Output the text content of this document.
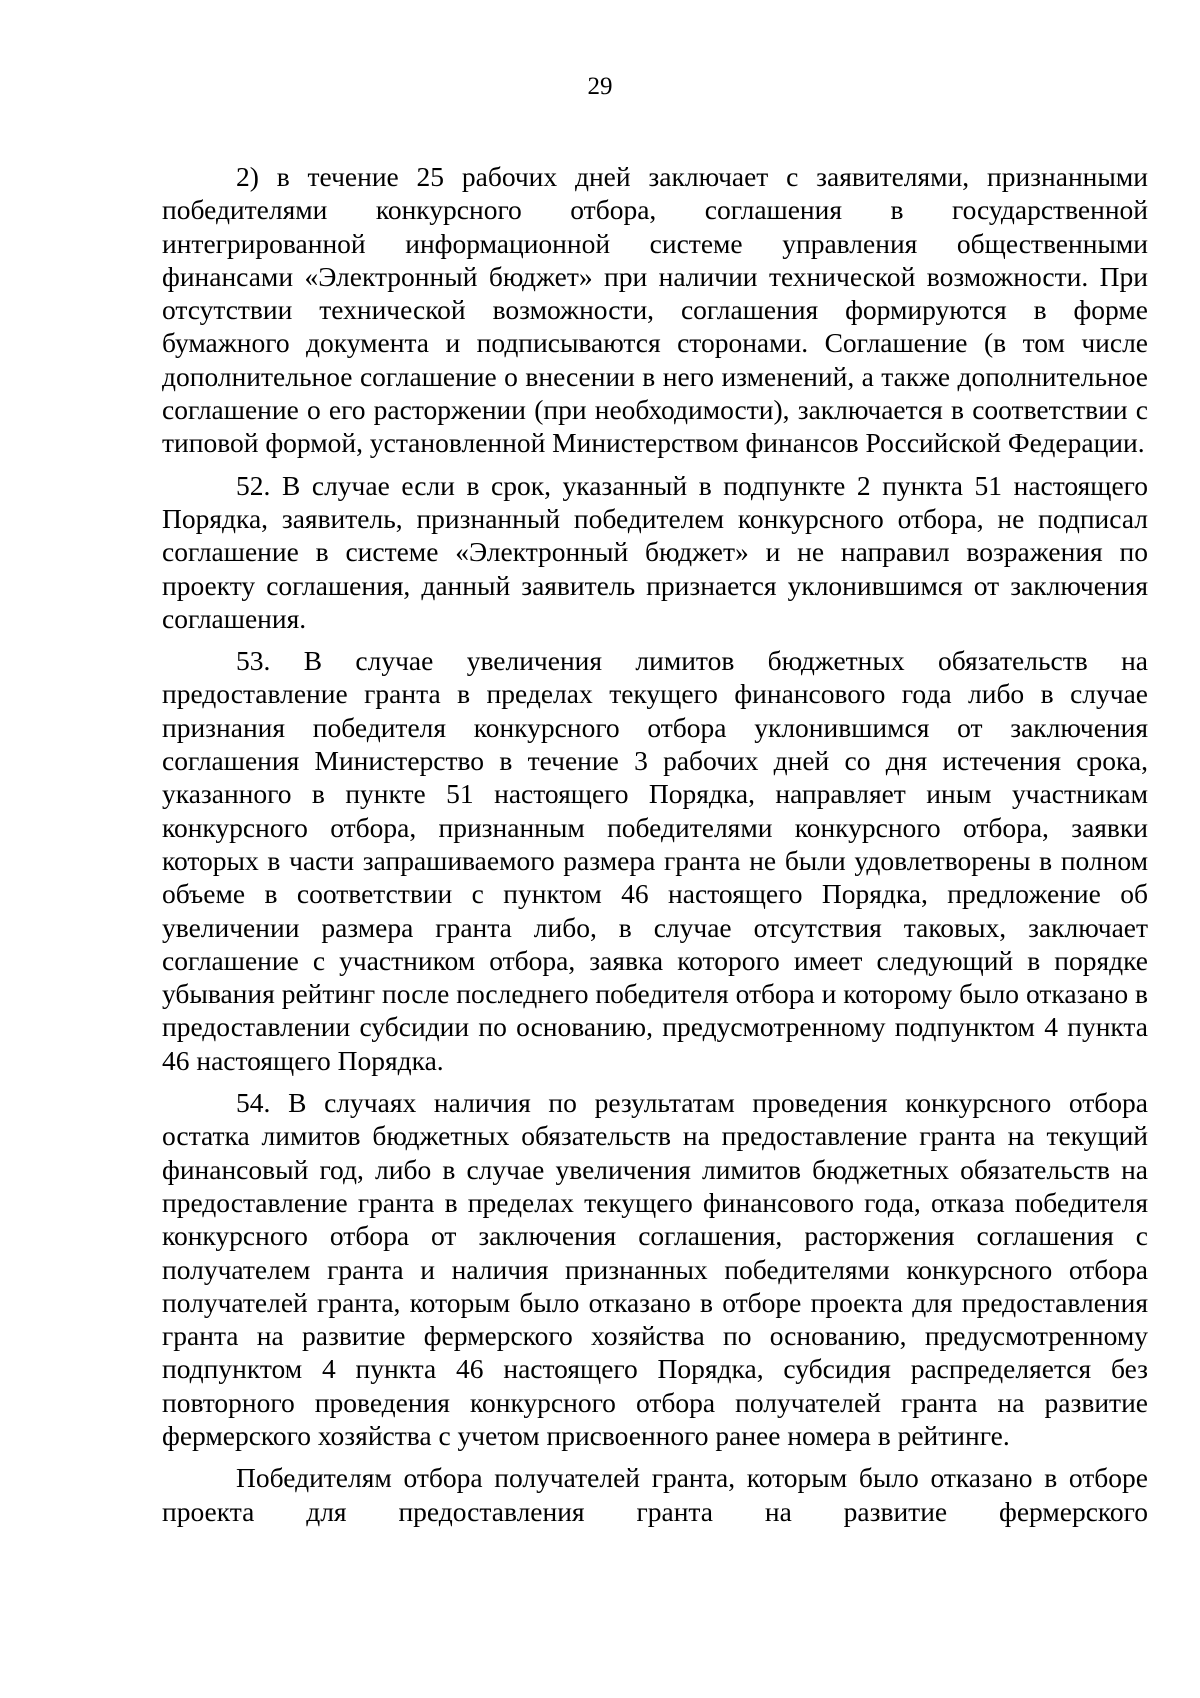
29

2) в течение 25 рабочих дней заключает с заявителями, признанными победителями конкурсного отбора, соглашения в государственной интегрированной информационной системе управления общественными финансами «Электронный бюджет» при наличии технической возможности. При отсутствии технической возможности, соглашения формируются в форме бумажного документа и подписываются сторонами. Соглашение (в том числе дополнительное соглашение о внесении в него изменений, а также дополнительное соглашение о его расторжении (при необходимости), заключается в соответствии с типовой формой, установленной Министерством финансов Российской Федерации.

52. В случае если в срок, указанный в подпункте 2 пункта 51 настоящего Порядка, заявитель, признанный победителем конкурсного отбора, не подписал соглашение в системе «Электронный бюджет» и не направил возражения по проекту соглашения, данный заявитель признается уклонившимся от заключения соглашения.

53. В случае увеличения лимитов бюджетных обязательств на предоставление гранта в пределах текущего финансового года либо в случае признания победителя конкурсного отбора уклонившимся от заключения соглашения Министерство в течение 3 рабочих дней со дня истечения срока, указанного в пункте 51 настоящего Порядка, направляет иным участникам конкурсного отбора, признанным победителями конкурсного отбора, заявки которых в части запрашиваемого размера гранта не были удовлетворены в полном объеме в соответствии с пунктом 46 настоящего Порядка, предложение об увеличении размера гранта либо, в случае отсутствия таковых, заключает соглашение с участником отбора, заявка которого имеет следующий в порядке убывания рейтинг после последнего победителя отбора и которому было отказано в предоставлении субсидии по основанию, предусмотренному подпунктом 4 пункта 46 настоящего Порядка.

54. В случаях наличия по результатам проведения конкурсного отбора остатка лимитов бюджетных обязательств на предоставление гранта на текущий финансовый год, либо в случае увеличения лимитов бюджетных обязательств на предоставление гранта в пределах текущего финансового года, отказа победителя конкурсного отбора от заключения соглашения, расторжения соглашения с получателем гранта и наличия признанных победителями конкурсного отбора получателей гранта, которым было отказано в отборе проекта для предоставления гранта на развитие фермерского хозяйства по основанию, предусмотренному подпунктом 4 пункта 46 настоящего Порядка, субсидия распределяется без повторного проведения конкурсного отбора получателей гранта на развитие фермерского хозяйства с учетом присвоенного ранее номера в рейтинге.

Победителям отбора получателей гранта, которым было отказано в отборе проекта для предоставления гранта на развитие фермерского
